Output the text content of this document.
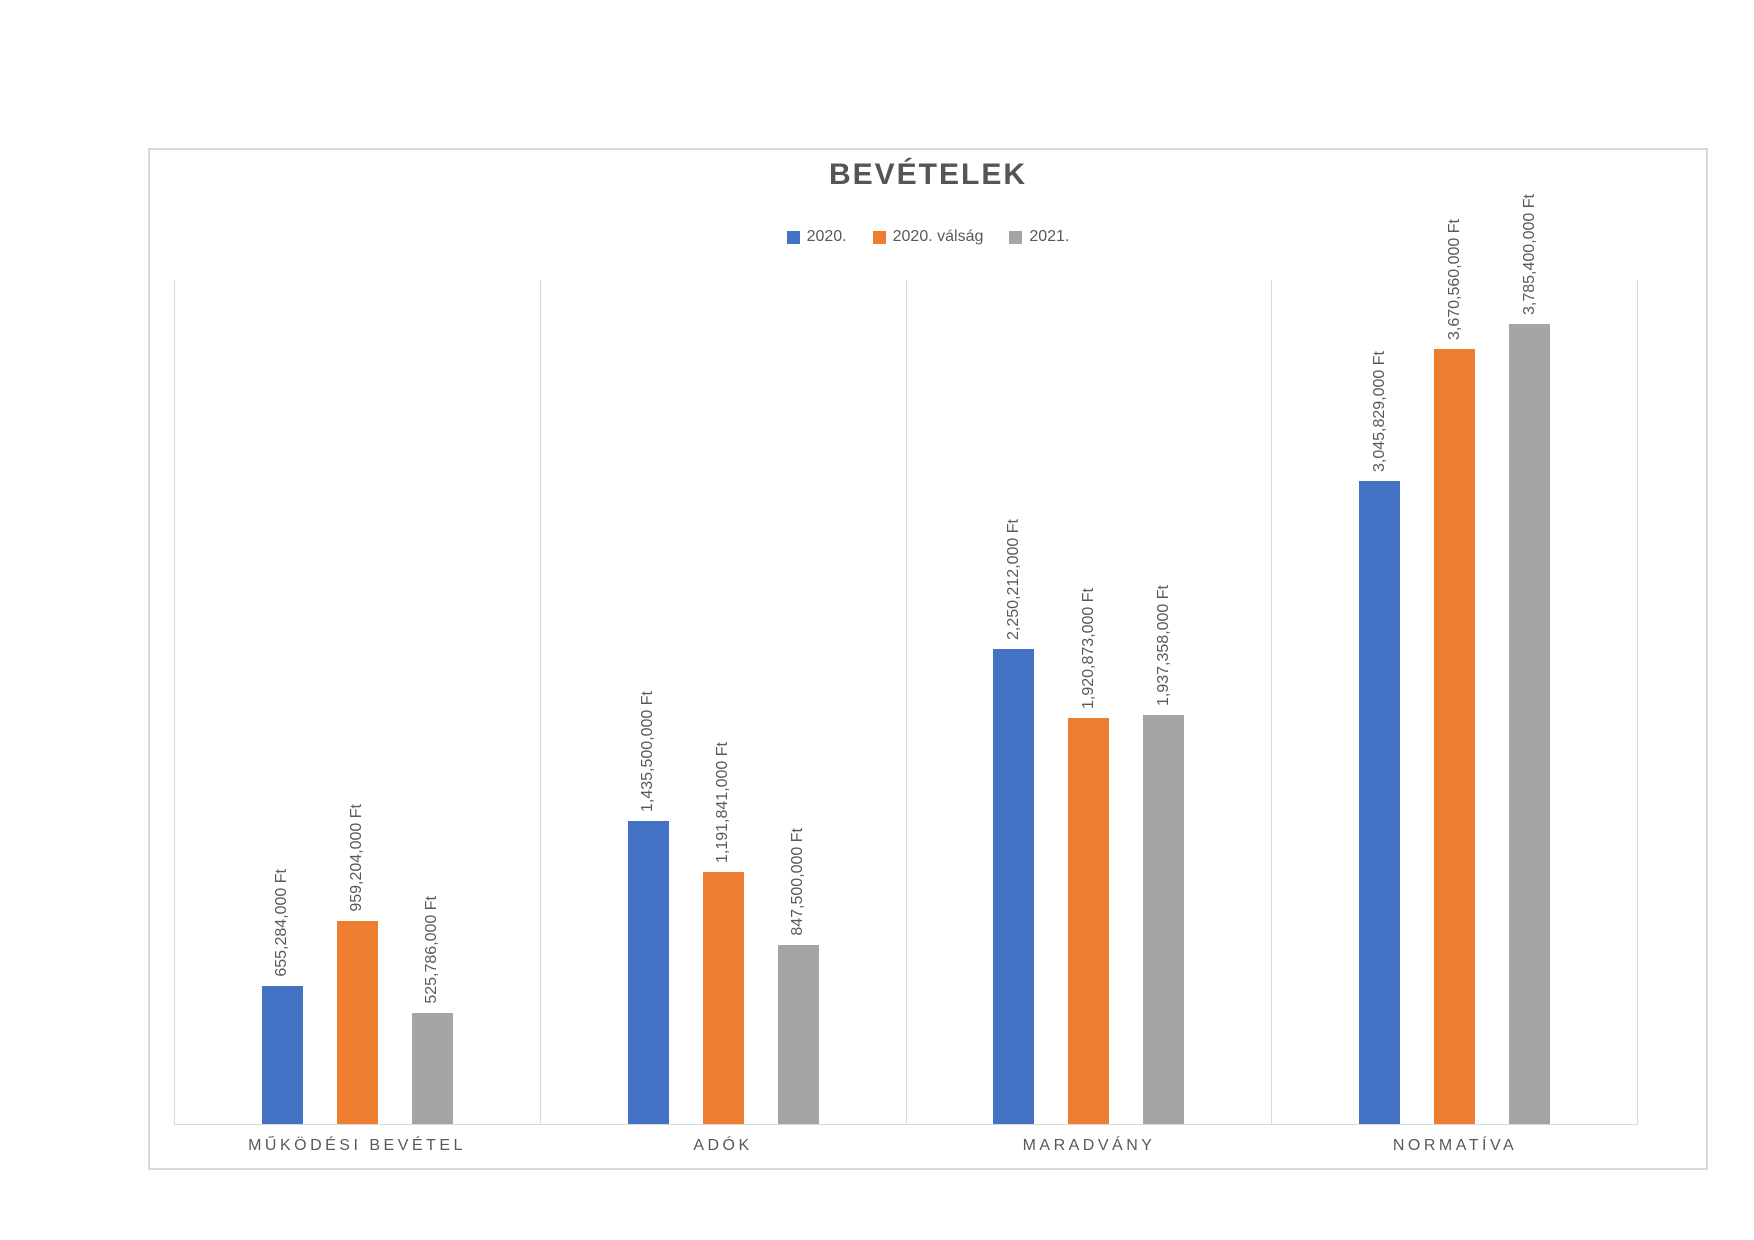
BEVÉTELEK
2020.	2020. válság	2021.
655,284,000 Ft
959,204,000 Ft
525,786,000 Ft
1,435,500,000 Ft	1,191,841,000 Ft
847,500,000 Ft
2,250,212,000 Ft
1,920,873,000 Ft	1,937,358,000 Ft
3,045,829,000 Ft
3,670,560,000 Ft	3,785,400,000 Ft
MŰKÖDÉSI BEVÉTEL	ADÓK	MARADVÁNY	NORMATÍVA
